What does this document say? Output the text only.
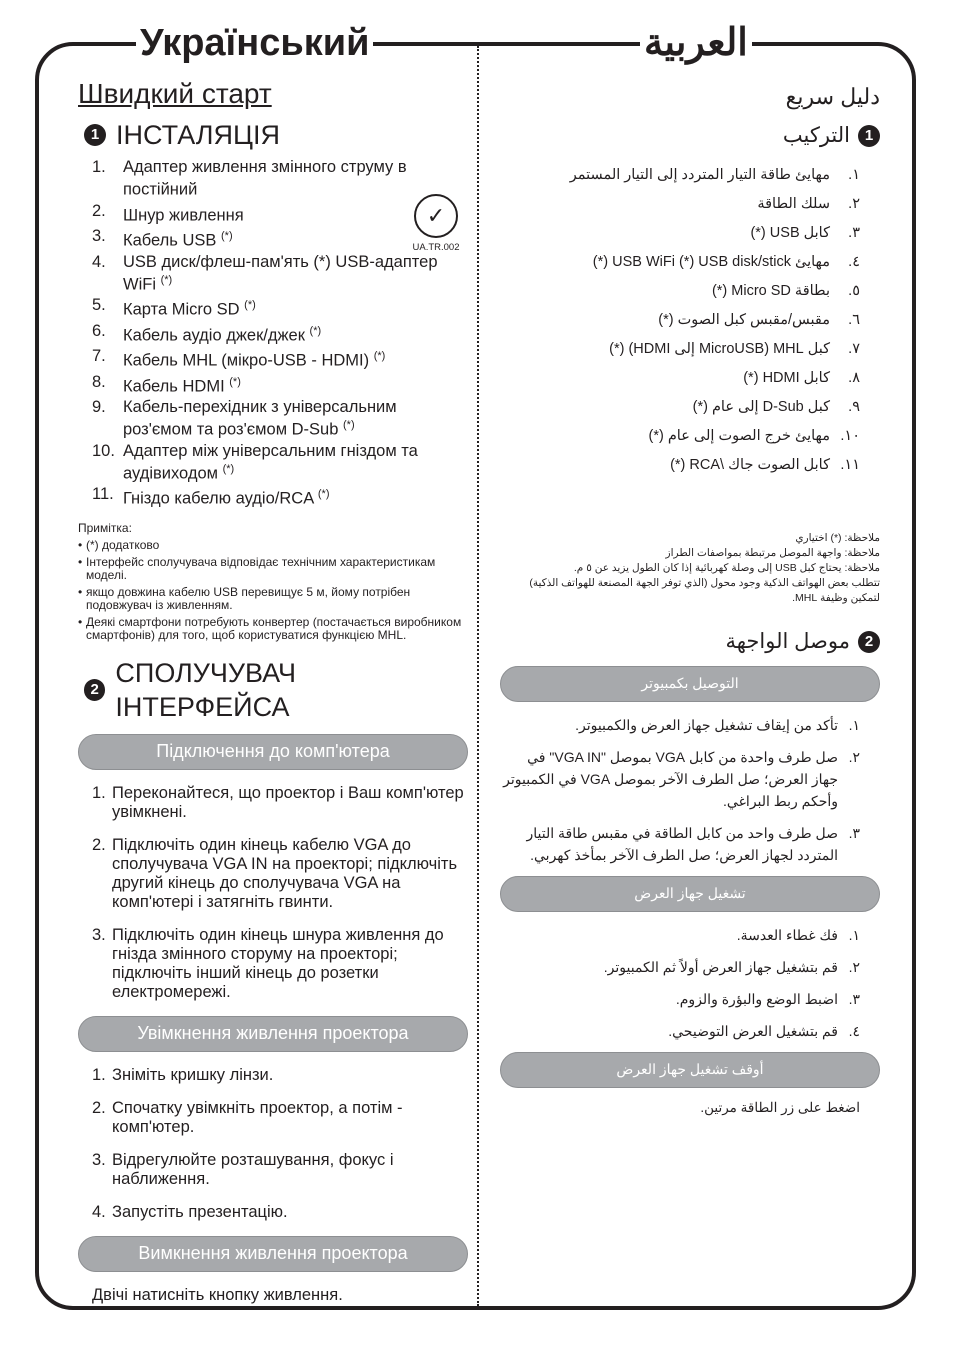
Український	العربية
Швидкий старт
1 ІНСТАЛЯЦІЯ
✓
UA.TR.002
1.	Адаптер живлення змінного струму в постійний
2.	Шнур живлення
3.	Кабель USB (*)
4.	USB диск/флеш-пам'ять (*) USB-адаптер WiFi (*)
5.	Карта Micro SD (*)
6.	Кабель аудіо джек/джек (*)
7.	Кабель MHL (мікро-USB - HDMI) (*)
8.	Кабель HDMI (*)
9.	Кабель-перехідник з універсальним роз'ємом та роз'ємом D-Sub (*)
10. Адаптер між універсальним гніздом та аудівиходом (*)
11. Гніздо кабелю аудіо/RCA (*)
Примітка:
• (*) додатково
• Інтерфейс сполучувача відповідає технічним характеристикам моделі.
• якщо довжина кабелю USB перевищує 5 м, йому потрібен подовжувач із живленням.
• Деякі смартфони потребують конвертер (постачається виробником смартфонів) для того, щоб користуватися функцією MHL.
2
СПОЛУЧУВАЧ ІНТЕРФЕЙСА
Підключення до комп'ютера
1. Переконайтеся, що проектор і Ваш комп'ютер увімкнені.
2. Підключіть один кінець кабелю VGA до сполучувача VGA IN на проекторі; підключіть другий кінець до сполучувача VGA на комп'ютері і затягніть гвинти.
3. Підключіть один кінець шнура живлення до гнізда змінного сторуму на проекторі; підключіть інший кінець до розетки електромережі.
Увімкнення живлення проектора
1. Зніміть кришку лінзи.
2. Спочатку увімкніть проектор, а потім - комп'ютер.
3. Відрегулюйте розташування, фокус і наближення.
4. Запустіть презентацію.
Вимкнення живлення проектора

Двічі натисніть кнопку живлення.

دليل سريع
1
التركيب
١.
مهايئ طاقة التيار المتردد إلى التيار المستمر
٢.
سلك الطاقة
٣.
كابل USB (*)
٤.
مهايئ USB WiFi (*) USB disk/stick (*)
٥.
بطاقة Micro SD (*)
٦.
مقبس/مقبس كبل الصوت (*)
٧.
كبل MHL (MicroUSB إلى HDMI) (*)
٨.
كابل HDMI (*)
٩.
كبل D-Sub إلى عام (*)
١٠.
مهايئ خرج الصوت إلى عام (*)
١١.
كابل الصوت جاك \RCA (*)
ملاحظة: (*) اختياري
ملاحظة: واجهة الموصل مرتبطة بمواصفات الطراز
ملاحظة: يحتاج كبل USB إلى وصلة كهربائية إذا كان الطول يزيد عن ٥ م.
تتطلب بعض الهواتف الذكية وجود محول (الذي توفر الجهة المصنعة للهواتف الذكية) لتمكين وظيفة MHL.
2
موصل الواجهة
التوصيل بكمبيوتر
١.
تأكد من إيقاف تشغيل جهاز العرض والكمبيوتر.
٢.
صل طرف واحدة من كابل VGA بموصل "VGA IN" في جهاز العرض؛ صل الطرف الآخر بموصل VGA في الكمبيوتر وأحكم ربط البراغي.
٣.
صل طرف واحد من كابل الطاقة في مقبس طاقة التيار المتردد لجهاز العرض؛ صل الطرف الآخر بمأخذ كهربي.
تشغيل جهاز العرض
١.
فك غطاء العدسة.
٢.
قم بتشغيل جهاز العرض أولاً ثم الكمبيوتر.
٣.
اضبط الوضع والبؤرة والزوم.
٤.
قم بتشغيل العرض التوضيحي.
أوقف تشغيل جهاز العرض

اضغط على زر الطاقة مرتين.
